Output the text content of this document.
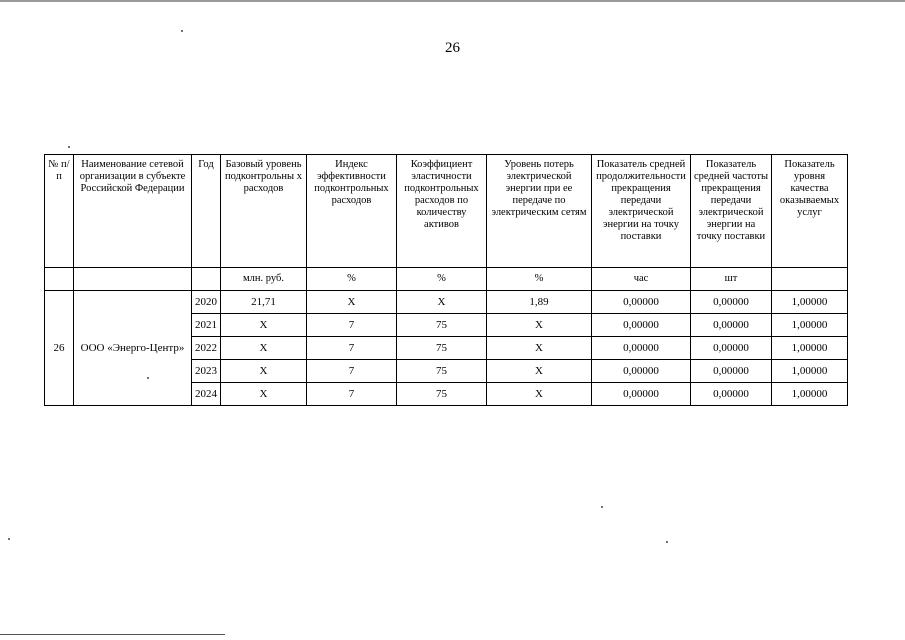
26
№ п/п	Наименование сетевой организации в субъекте Российской Федерации	Год	Базовый уровень подконтрольны х расходов	Индекс эффективности подконтрольных расходов	Коэффициент эластичности подконтрольных расходов по количеству активов	Уровень потерь электрической энергии при ее передаче по электрическим сетям	Показатель средней продолжительности прекращения передачи электрической энергии на точку поставки	Показатель средней частоты прекращения передачи электрической энергии на точку поставки	Показатель уровня качества оказываемых услуг
			млн. руб.	%	%	%	час	шт	
26	ООО «Энерго-Центр»	2020	21,71	X	X	1,89	0,00000	0,00000	1,00000
		2021	X	7	75	X	0,00000	0,00000	1,00000
		2022	X	7	75	X	0,00000	0,00000	1,00000
		2023	X	7	75	X	0,00000	0,00000	1,00000
		2024	X	7	75	X	0,00000	0,00000	1,00000
